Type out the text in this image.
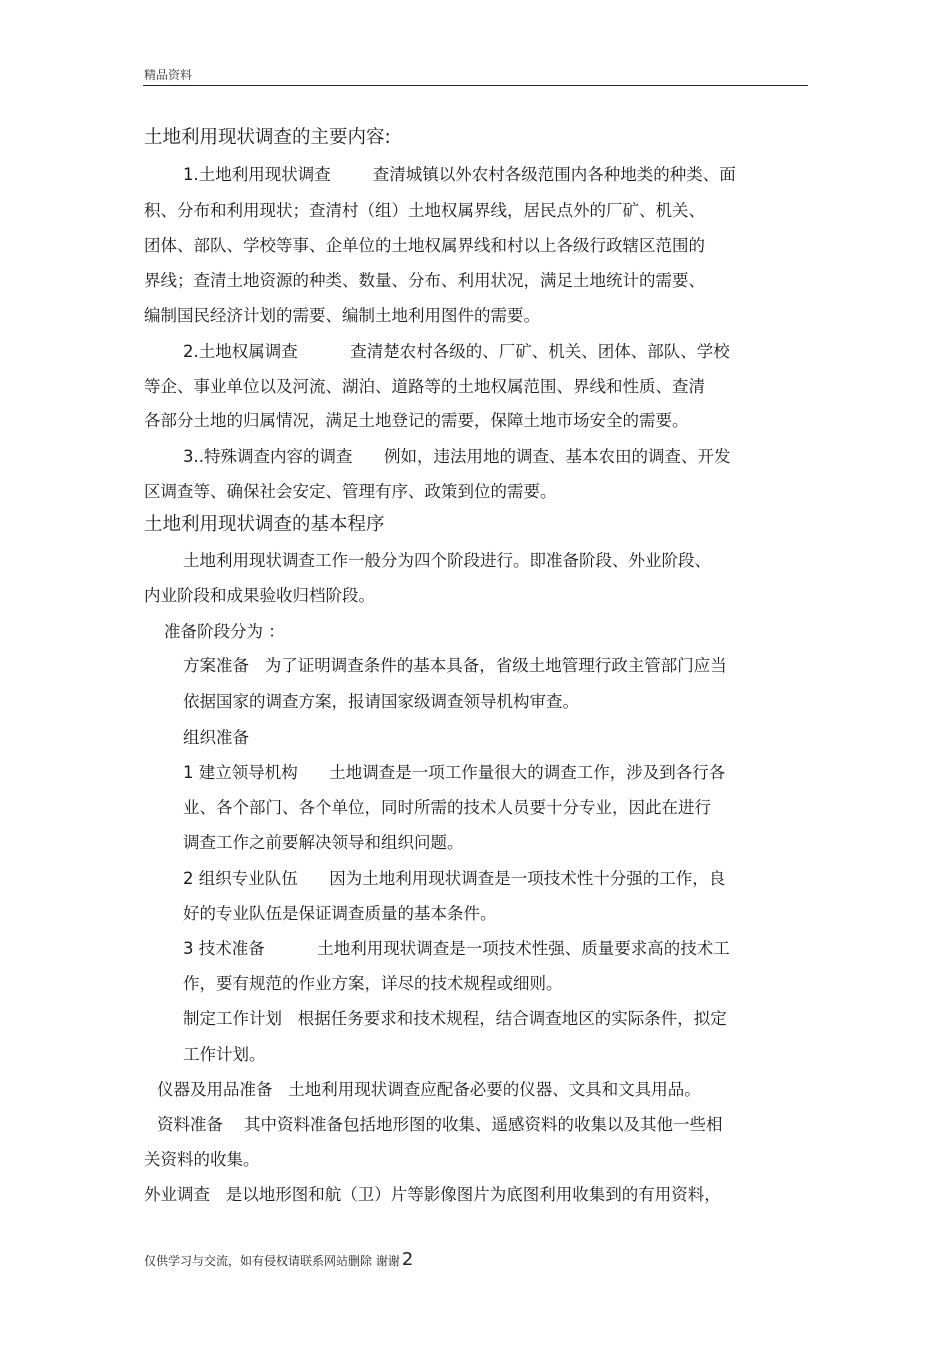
精品资料
土地利用现状调查的主要内容:
1.土地利用现状调查        查清城镇以外农村各级范围内各种地类的种类、面
积、分布和利用现状；查清村（组）土地权属界线，居民点外的厂矿、机关、
团体、部队、学校等事、企单位的土地权属界线和村以上各级行政辖区范围的
界线；查清土地资源的种类、数量、分布、利用状况，满足土地统计的需要、
编制国民经济计划的需要、编制土地利用图件的需要。
2.土地权属调查          查清楚农村各级的、厂矿、机关、团体、部队、学校
等企、事业单位以及河流、湖泊、道路等的土地权属范围、界线和性质、查清
各部分土地的归属情况，满足土地登记的需要，保障土地市场安全的需要。
3..特殊调查内容的调查      例如，违法用地的调查、基本农田的调查、开发
区调查等、确保社会安定、管理有序、政策到位的需要。
土地利用现状调查的基本程序
土地利用现状调查工作一般分为四个阶段进行。即准备阶段、外业阶段、
内业阶段和成果验收归档阶段。
准备阶段分为 ：
方案准备   为了证明调查条件的基本具备，省级土地管理行政主管部门应当
依据国家的调查方案，报请国家级调查领导机构审查。
组织准备
1 建立领导机构      土地调查是一项工作量很大的调查工作，涉及到各行各
业、各个部门、各个单位，同时所需的技术人员要十分专业，因此在进行
调查工作之前要解决领导和组织问题。
2 组织专业队伍      因为土地利用现状调查是一项技术性十分强的工作，良
好的专业队伍是保证调查质量的基本条件。
3 技术准备          土地利用现状调查是一项技术性强、质量要求高的技术工
作，要有规范的作业方案，详尽的技术规程或细则。
制定工作计划   根据任务要求和技术规程，结合调查地区的实际条件，拟定
工作计划。
仪器及用品准备   土地利用现状调查应配备必要的仪器、文具和文具用品。
资料准备    其中资料准备包括地形图的收集、遥感资料的收集以及其他一些相
关资料的收集。
外业调查   是以地形图和航（卫）片等影像图片为底图利用收集到的有用资料，
仅供学习与交流，如有侵权请联系网站删除 谢谢 2
